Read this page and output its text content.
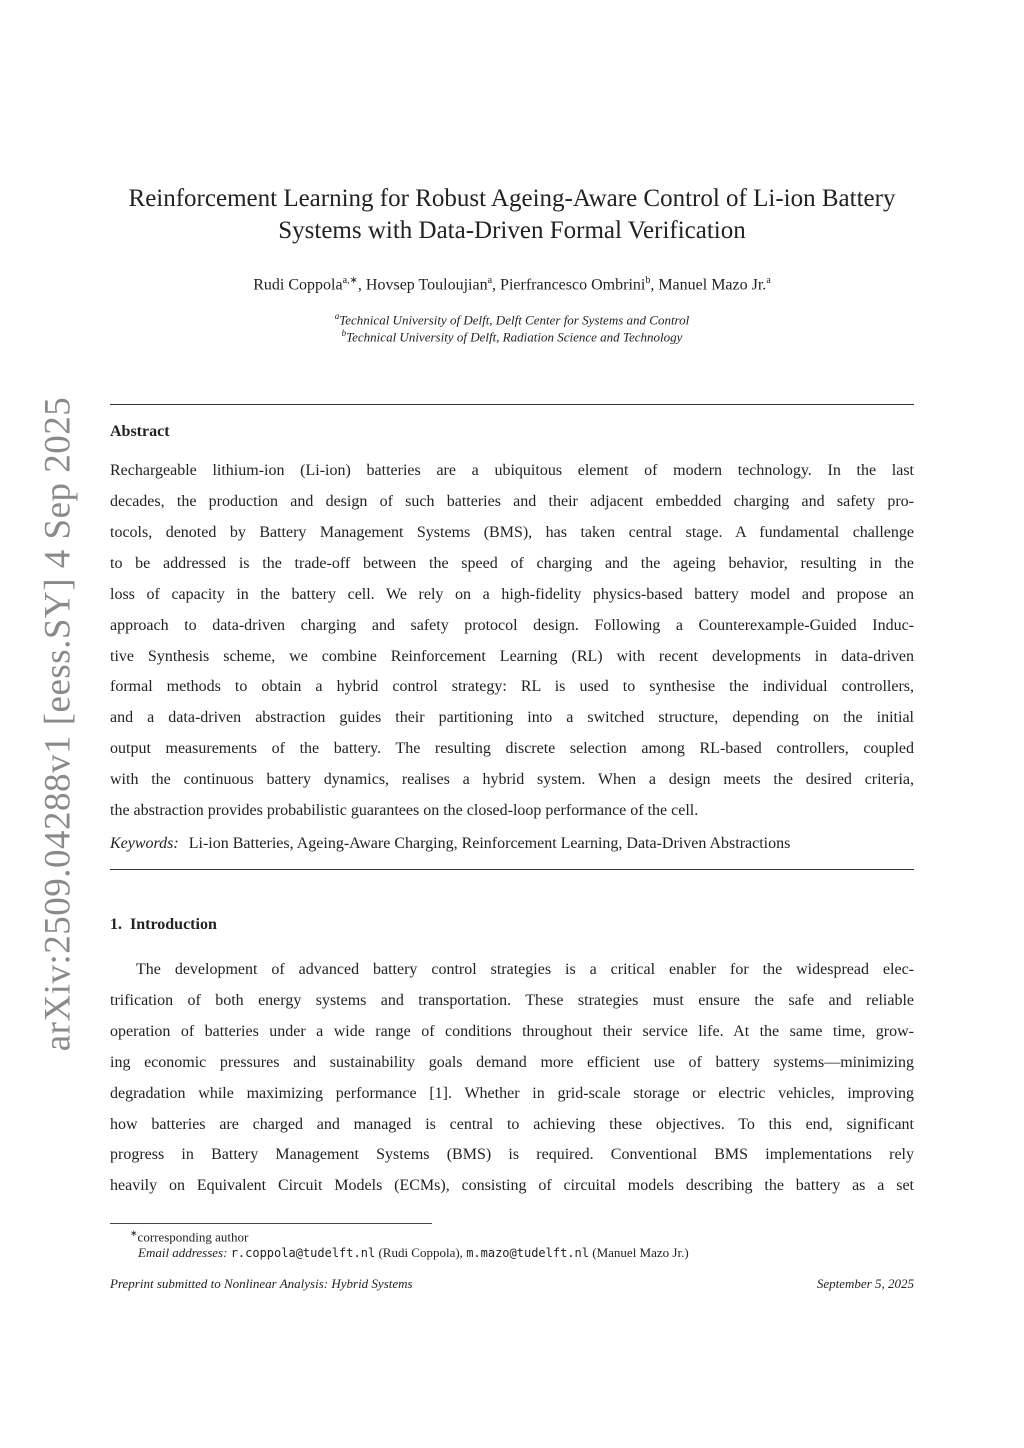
arXiv:2509.04288v1 [eess.SY] 4 Sep 2025
Reinforcement Learning for Robust Ageing-Aware Control of Li-ion Battery
Systems with Data-Driven Formal Verification
Rudi Coppola$^{a,∗}$, Hovsep Touloujian$^a$, Pierfrancesco Ombrini$^b$, Manuel Mazo Jr.$^a$
$^a$Technical University of Delft, Delft Center for Systems and Control
$^b$Technical University of Delft, Radiation Science and Technology
Abstract
Rechargeable lithium-ion (Li-ion) batteries are a ubiquitous element of modern technology. In the last
decades, the production and design of such batteries and their adjacent embedded charging and safety pro-
tocols, denoted by Battery Management Systems (BMS), has taken central stage. A fundamental challenge
to be addressed is the trade-off between the speed of charging and the ageing behavior, resulting in the
loss of capacity in the battery cell. We rely on a high-fidelity physics-based battery model and propose an
approach to data-driven charging and safety protocol design. Following a Counterexample-Guided Induc-
tive Synthesis scheme, we combine Reinforcement Learning (RL) with recent developments in data-driven
formal methods to obtain a hybrid control strategy: RL is used to synthesise the individual controllers,
and a data-driven abstraction guides their partitioning into a switched structure, depending on the initial
output measurements of the battery. The resulting discrete selection among RL-based controllers, coupled
with the continuous battery dynamics, realises a hybrid system. When a design meets the desired criteria,
the abstraction provides probabilistic guarantees on the closed-loop performance of the cell.
Keywords: Li-ion Batteries, Ageing-Aware Charging, Reinforcement Learning, Data-Driven Abstractions
1. Introduction
The development of advanced battery control strategies is a critical enabler for the widespread elec-
trification of both energy systems and transportation. These strategies must ensure the safe and reliable
operation of batteries under a wide range of conditions throughout their service life. At the same time, grow-
ing economic pressures and sustainability goals demand more efficient use of battery systems—minimizing
degradation while maximizing performance [1]. Whether in grid-scale storage or electric vehicles, improving
how batteries are charged and managed is central to achieving these objectives. To this end, significant
progress in Battery Management Systems (BMS) is required. Conventional BMS implementations rely
heavily on Equivalent Circuit Models (ECMs), consisting of circuital models describing the battery as a set
∗corresponding author
Email addresses: r.coppola@tudelft.nl (Rudi Coppola), m.mazo@tudelft.nl (Manuel Mazo Jr.)
Preprint submitted to Nonlinear Analysis: Hybrid Systems	September 5, 2025
